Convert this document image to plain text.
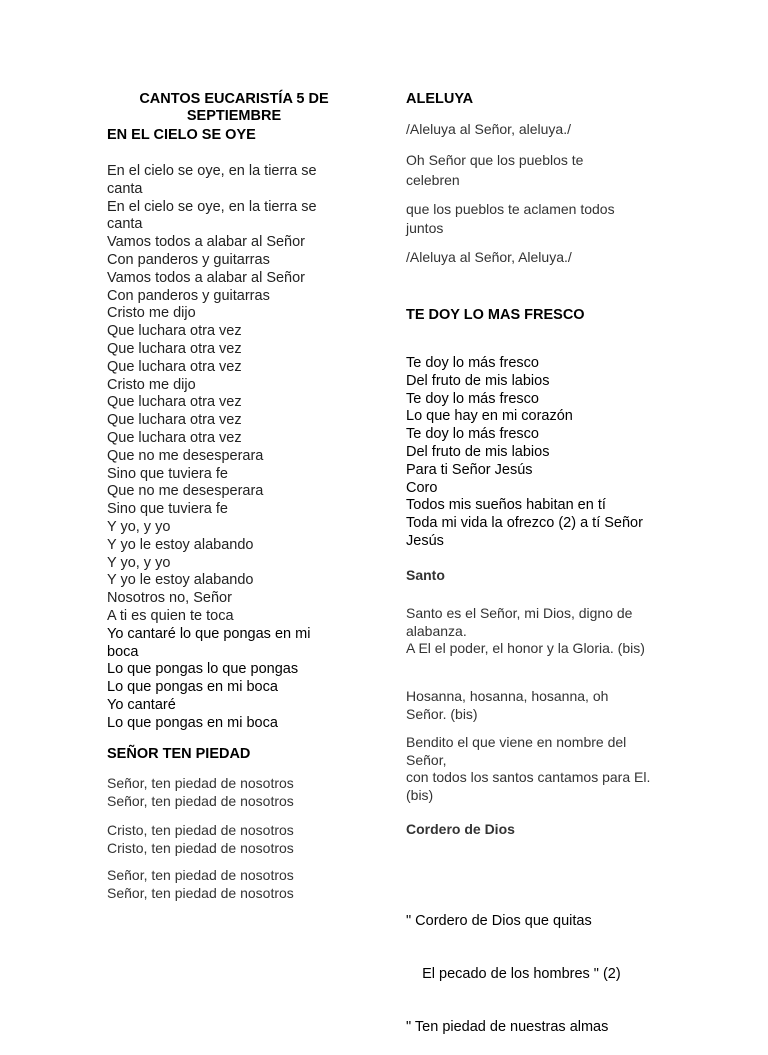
CANTOS EUCARISTÍA 5 DE SEPTIEMBRE
EN EL CIELO SE OYE
En el cielo se oye, en la tierra se canta
En el cielo se oye, en la tierra se canta
Vamos todos a alabar al Señor
Con panderos y guitarras
Vamos todos a alabar al Señor
Con panderos y guitarras
Cristo me dijo
Que luchara otra vez
Que luchara otra vez
Que luchara otra vez
Cristo me dijo
Que luchara otra vez
Que luchara otra vez
Que luchara otra vez
Que no me desesperara
Sino que tuviera fe
Que no me desesperara
Sino que tuviera fe
Y yo, y yo
Y yo le estoy alabando
Y yo, y yo
Y yo le estoy alabando
Nosotros no, Señor
A ti es quien te toca
Yo cantaré lo que pongas en mi boca
Lo que pongas lo que pongas
Lo que pongas en mi boca
Yo cantaré
Lo que pongas en mi boca
SEÑOR TEN PIEDAD
Señor, ten piedad de nosotros
Señor, ten piedad de nosotros
Cristo, ten piedad de nosotros
Cristo, ten piedad de nosotros
Señor, ten piedad de nosotros
Señor, ten piedad de nosotros
ALELUYA
/Aleluya al Señor, aleluya./
Oh Señor que los pueblos te celebren
que los pueblos te aclamen todos juntos
/Aleluya al Señor, Aleluya./
TE DOY LO MAS FRESCO
Te doy lo más fresco
Del fruto de mis labios
Te doy lo más fresco
Lo que hay en mi corazón
Te doy lo más fresco
Del fruto de mis labios
Para ti Señor Jesús
Coro
Todos mis sueños habitan en tí
Toda mi vida la ofrezco (2) a tí Señor Jesús
Santo
Santo es el Señor, mi Dios, digno de alabanza.
A El el poder, el honor y la Gloria. (bis)
Hosanna, hosanna, hosanna, oh Señor. (bis)
Bendito el que viene en nombre del Señor,
con todos los santos cantamos para El. (bis)
Cordero de Dios

" Cordero de Dios que quitas

El pecado de los hombres " (2)

" Ten piedad de nuestras almas
